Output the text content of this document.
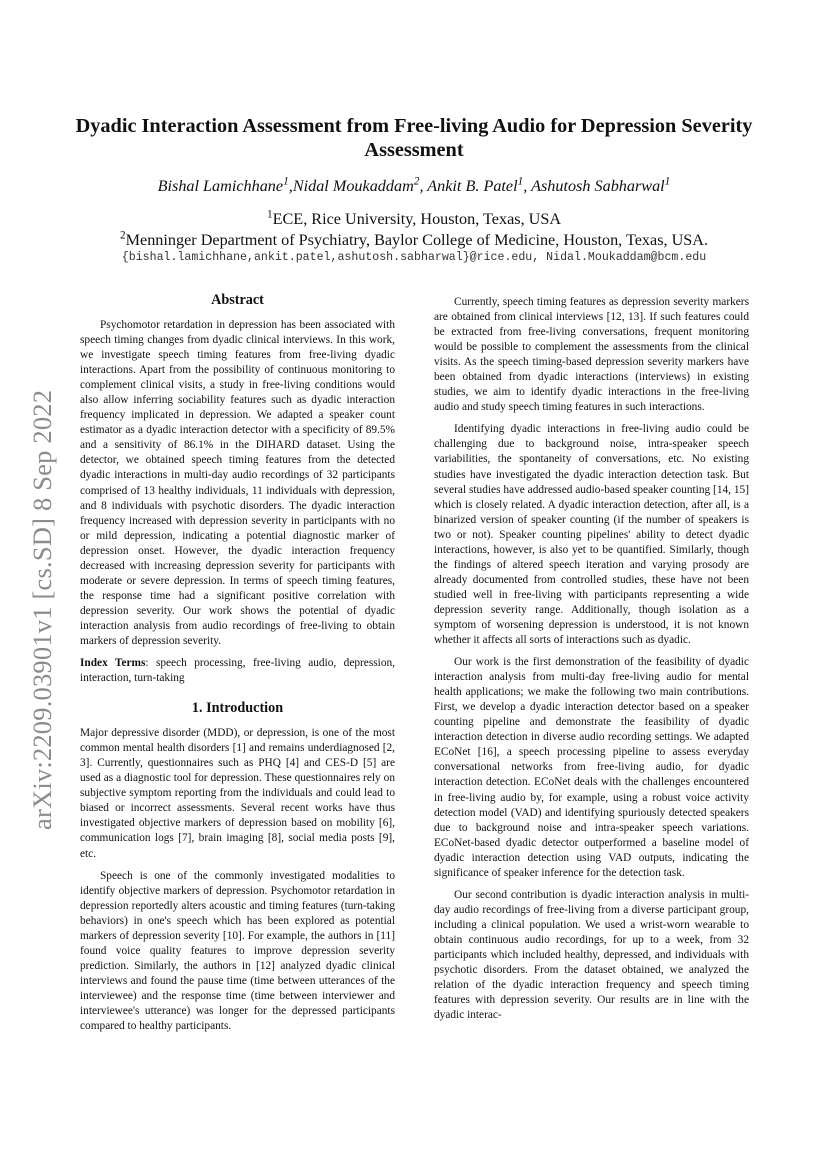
arXiv:2209.03901v1 [cs.SD] 8 Sep 2022
Dyadic Interaction Assessment from Free-living Audio for Depression Severity Assessment
Bishal Lamichhane$^1$,Nidal Moukaddam$^2$, Ankit B. Patel$^1$, Ashutosh Sabharwal$^1$
$^1$ECE, Rice University, Houston, Texas, USA
$^2$Menninger Department of Psychiatry, Baylor College of Medicine, Houston, Texas, USA.
{bishal.lamichhane,ankit.patel,ashutosh.sabharwal}@rice.edu, Nidal.Moukaddam@bcm.edu
Abstract

Psychomotor retardation in depression has been associated with speech timing changes from dyadic clinical interviews. In this work, we investigate speech timing features from free-living dyadic interactions. Apart from the possibility of continuous monitoring to complement clinical visits, a study in free-living conditions would also allow inferring sociability features such as dyadic interaction frequency implicated in depression. We adapted a speaker count estimator as a dyadic interaction detector with a specificity of 89.5% and a sensitivity of 86.1% in the DIHARD dataset. Using the detector, we obtained speech timing features from the detected dyadic interactions in multi-day audio recordings of 32 participants comprised of 13 healthy individuals, 11 individuals with depression, and 8 individuals with psychotic disorders. The dyadic interaction frequency increased with depression severity in participants with no or mild depression, indicating a potential diagnostic marker of depression onset. However, the dyadic interaction frequency decreased with increasing depression severity for participants with moderate or severe depression. In terms of speech timing features, the response time had a significant positive correlation with depression severity. Our work shows the potential of dyadic interaction analysis from audio recordings of free-living to obtain markers of depression severity.

Index Terms: speech processing, free-living audio, depression, interaction, turn-taking

1. Introduction

Major depressive disorder (MDD), or depression, is one of the most common mental health disorders [1] and remains underdiagnosed [2, 3]. Currently, questionnaires such as PHQ [4] and CES-D [5] are used as a diagnostic tool for depression. These questionnaires rely on subjective symptom reporting from the individuals and could lead to biased or incorrect assessments. Several recent works have thus investigated objective markers of depression based on mobility [6], communication logs [7], brain imaging [8], social media posts [9], etc.

Speech is one of the commonly investigated modalities to identify objective markers of depression. Psychomotor retardation in depression reportedly alters acoustic and timing features (turn-taking behaviors) in one's speech which has been explored as potential markers of depression severity [10]. For example, the authors in [11] found voice quality features to improve depression severity prediction. Similarly, the authors in [12] analyzed dyadic clinical interviews and found the pause time (time between utterances of the interviewee) and the response time (time between interviewer and interviewee's utterance) was longer for the depressed participants compared to healthy participants.

Currently, speech timing features as depression severity markers are obtained from clinical interviews [12, 13]. If such features could be extracted from free-living conversations, frequent monitoring would be possible to complement the assessments from the clinical visits. As the speech timing-based depression severity markers have been obtained from dyadic interactions (interviews) in existing studies, we aim to identify dyadic interactions in the free-living audio and study speech timing features in such interactions.

Identifying dyadic interactions in free-living audio could be challenging due to background noise, intra-speaker speech variabilities, the spontaneity of conversations, etc. No existing studies have investigated the dyadic interaction detection task. But several studies have addressed audio-based speaker counting [14, 15] which is closely related. A dyadic interaction detection, after all, is a binarized version of speaker counting (if the number of speakers is two or not). Speaker counting pipelines' ability to detect dyadic interactions, however, is also yet to be quantified. Similarly, though the findings of altered speech iteration and varying prosody are already documented from controlled studies, these have not been studied well in free-living with participants representing a wide depression severity range. Additionally, though isolation as a symptom of worsening depression is understood, it is not known whether it affects all sorts of interactions such as dyadic.

Our work is the first demonstration of the feasibility of dyadic interaction analysis from multi-day free-living audio for mental health applications; we make the following two main contributions. First, we develop a dyadic interaction detector based on a speaker counting pipeline and demonstrate the feasibility of dyadic interaction detection in diverse audio recording settings. We adapted ECoNet [16], a speech processing pipeline to assess everyday conversational networks from free-living audio, for dyadic interaction detection. ECoNet deals with the challenges encountered in free-living audio by, for example, using a robust voice activity detection model (VAD) and identifying spuriously detected speakers due to background noise and intra-speaker speech variations. ECoNet-based dyadic detector outperformed a baseline model of dyadic interaction detection using VAD outputs, indicating the significance of speaker inference for the detection task.

Our second contribution is dyadic interaction analysis in multi-day audio recordings of free-living from a diverse participant group, including a clinical population. We used a wrist-worn wearable to obtain continuous audio recordings, for up to a week, from 32 participants which included healthy, depressed, and individuals with psychotic disorders. From the dataset obtained, we analyzed the relation of the dyadic interaction frequency and speech timing features with depression severity. Our results are in line with the dyadic interac-
